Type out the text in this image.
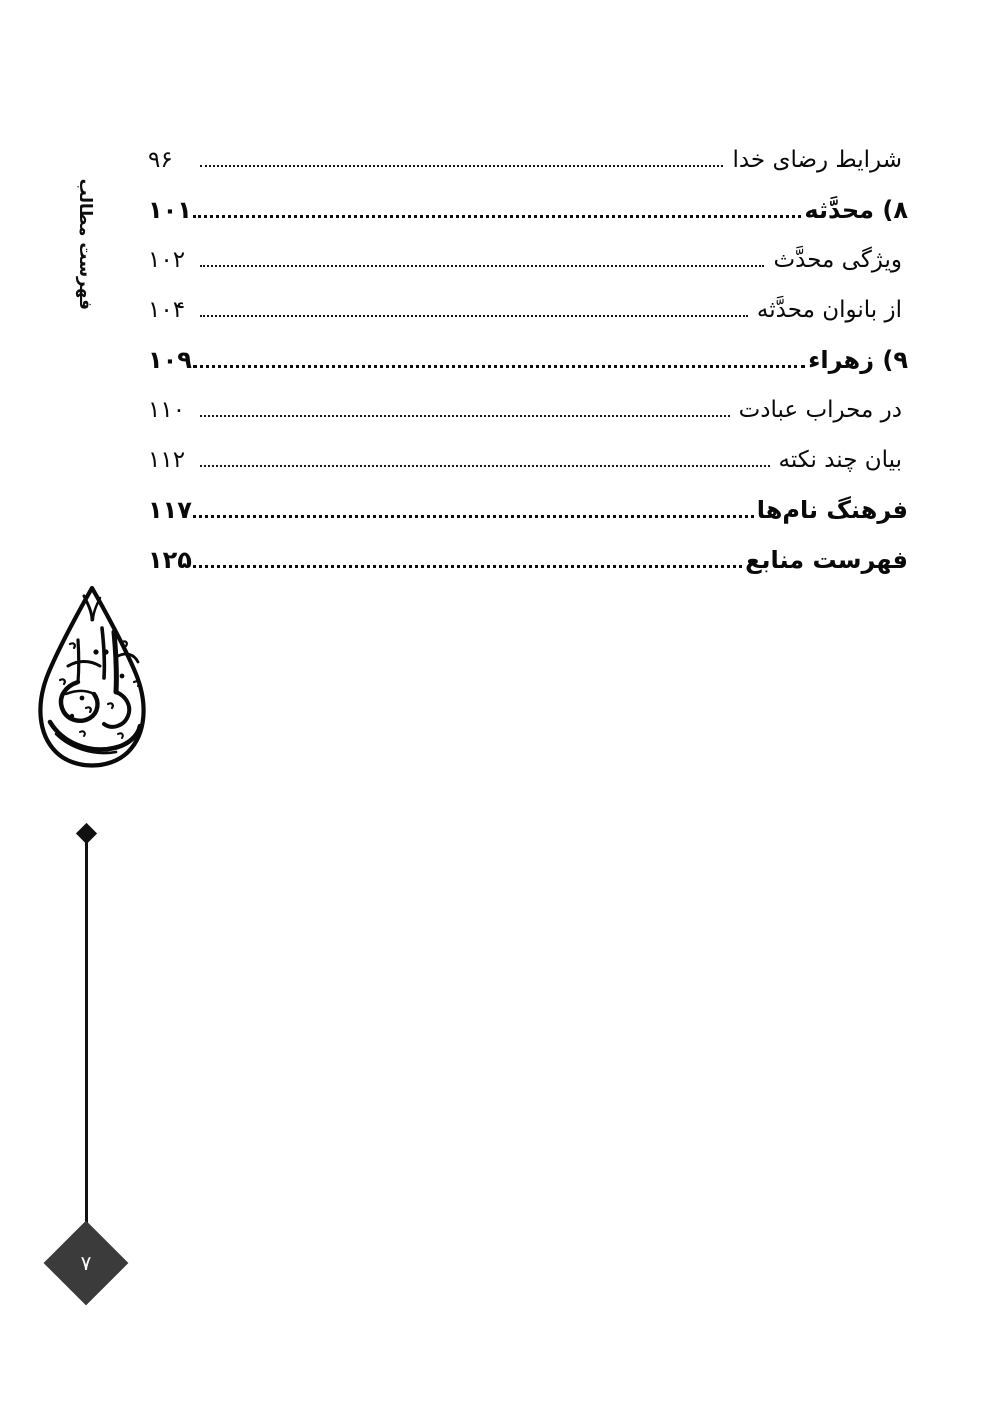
فهرست مطالب
شرایط رضای خدا
۹۶
۸) محدَّثه
۱۰۱
ویژگی محدَّث
۱۰۲
از بانوان محدَّثه
۱۰۴
۹) زهراء
۱۰۹
در محراب عبادت
۱۱۰
بیان چند نکته
۱۱۲
فرهنگ نام‌ها
۱۱۷
فهرست منابع
۱۲۵
۷
